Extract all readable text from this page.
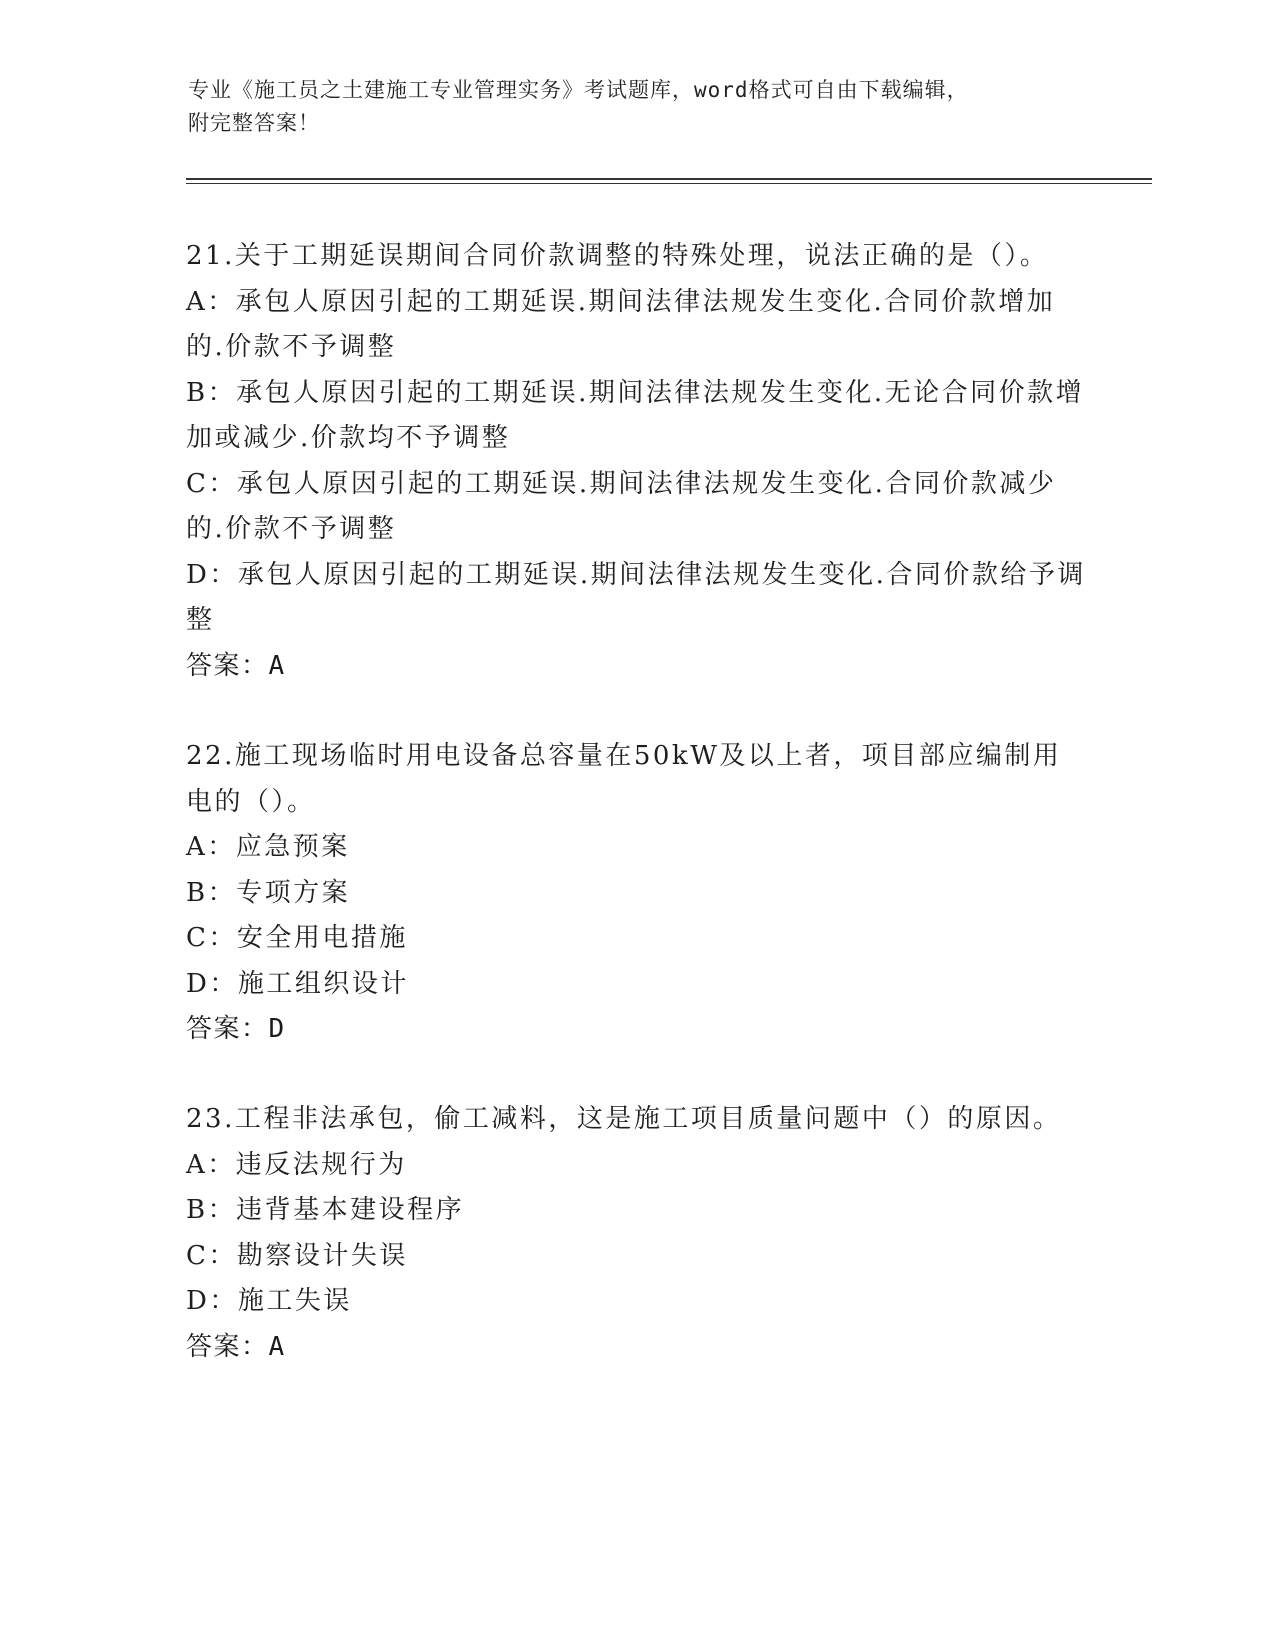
专业《施工员之土建施工专业管理实务》考试题库，word格式可自由下载编辑，
附完整答案！
21.关于工期延误期间合同价款调整的特殊处理，说法正确的是（）。
A：承包人原因引起的工期延误.期间法律法规发生变化.合同价款增加的.价款不予调整
B：承包人原因引起的工期延误.期间法律法规发生变化.无论合同价款增加或减少.价款均不予调整
C：承包人原因引起的工期延误.期间法律法规发生变化.合同价款减少的.价款不予调整
D：承包人原因引起的工期延误.期间法律法规发生变化.合同价款给予调整
答案：A
22.施工现场临时用电设备总容量在50kW及以上者，项目部应编制用电的（）。
A：应急预案
B：专项方案
C：安全用电措施
D：施工组织设计
答案：D
23.工程非法承包，偷工减料，这是施工项目质量问题中（）的原因。
A：违反法规行为
B：违背基本建设程序
C：勘察设计失误
D：施工失误
答案：A
